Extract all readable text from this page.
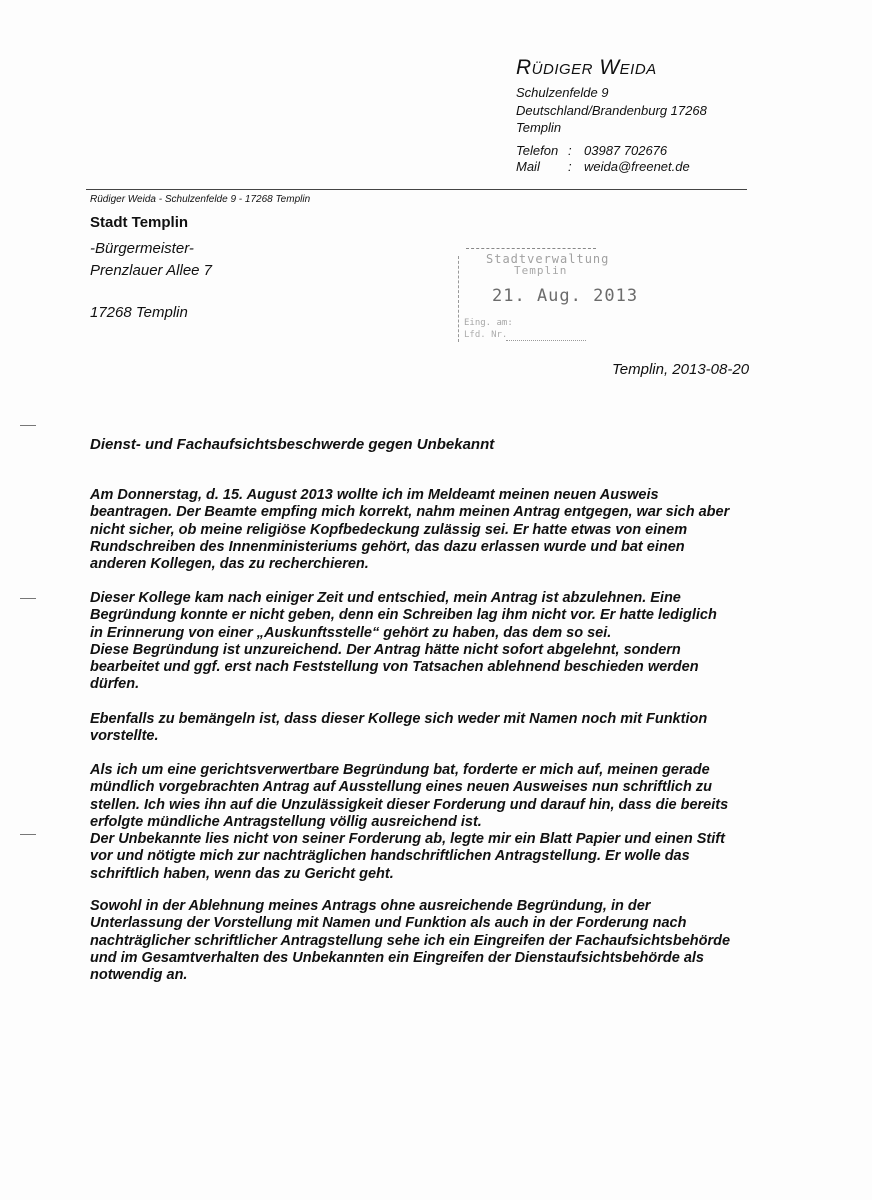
Rüdiger Weida
Schulzenfelde 9
Deutschland/Brandenburg 17268
Templin
Telefon : 03987 702676
Mail : weida@freenet.de
Rüdiger Weida - Schulzenfelde 9 - 17268 Templin
Stadt Templin
-Bürgermeister-
Prenzlauer Allee 7
17268 Templin
Stadtverwaltung
Templin
21. Aug. 2013
Eing. am:
Lfd. Nr.
Templin, 2013-08-20
Dienst- und Fachaufsichtsbeschwerde gegen Unbekannt
Am Donnerstag, d. 15. August 2013 wollte ich im Meldeamt meinen neuen Ausweis
beantragen. Der Beamte empfing mich korrekt, nahm meinen Antrag entgegen, war sich aber
nicht sicher, ob meine religiöse Kopfbedeckung zulässig sei. Er hatte etwas von einem
Rundschreiben des Innenministeriums gehört, das dazu erlassen wurde und bat einen
anderen Kollegen, das zu recherchieren.
Dieser Kollege kam nach einiger Zeit und entschied, mein Antrag ist abzulehnen. Eine
Begründung konnte er nicht geben, denn ein Schreiben lag ihm nicht vor. Er hatte lediglich
in Erinnerung von einer „Auskunftsstelle“ gehört zu haben, das dem so sei.
Diese Begründung ist unzureichend. Der Antrag hätte nicht sofort abgelehnt, sondern
bearbeitet und ggf. erst nach Feststellung von Tatsachen ablehnend beschieden werden
dürfen.
Ebenfalls zu bemängeln ist, dass dieser Kollege sich weder mit Namen noch mit Funktion
vorstellte.
Als ich um eine gerichtsverwertbare Begründung bat, forderte er mich auf, meinen gerade
mündlich vorgebrachten Antrag auf Ausstellung eines neuen Ausweises nun schriftlich zu
stellen. Ich wies ihn auf die Unzulässigkeit dieser Forderung und darauf hin, dass die bereits
erfolgte mündliche Antragstellung völlig ausreichend ist.
Der Unbekannte lies nicht von seiner Forderung ab, legte mir ein Blatt Papier und einen Stift
vor und nötigte mich zur nachträglichen handschriftlichen Antragstellung. Er wolle das
schriftlich haben, wenn das zu Gericht geht.
Sowohl in der Ablehnung meines Antrags ohne ausreichende Begründung, in der
Unterlassung der Vorstellung mit Namen und Funktion als auch in der Forderung nach
nachträglicher schriftlicher Antragstellung sehe ich ein Eingreifen der Fachaufsichtsbehörde
und im Gesamtverhalten des Unbekannten ein Eingreifen der Dienstaufsichtsbehörde als
notwendig an.
